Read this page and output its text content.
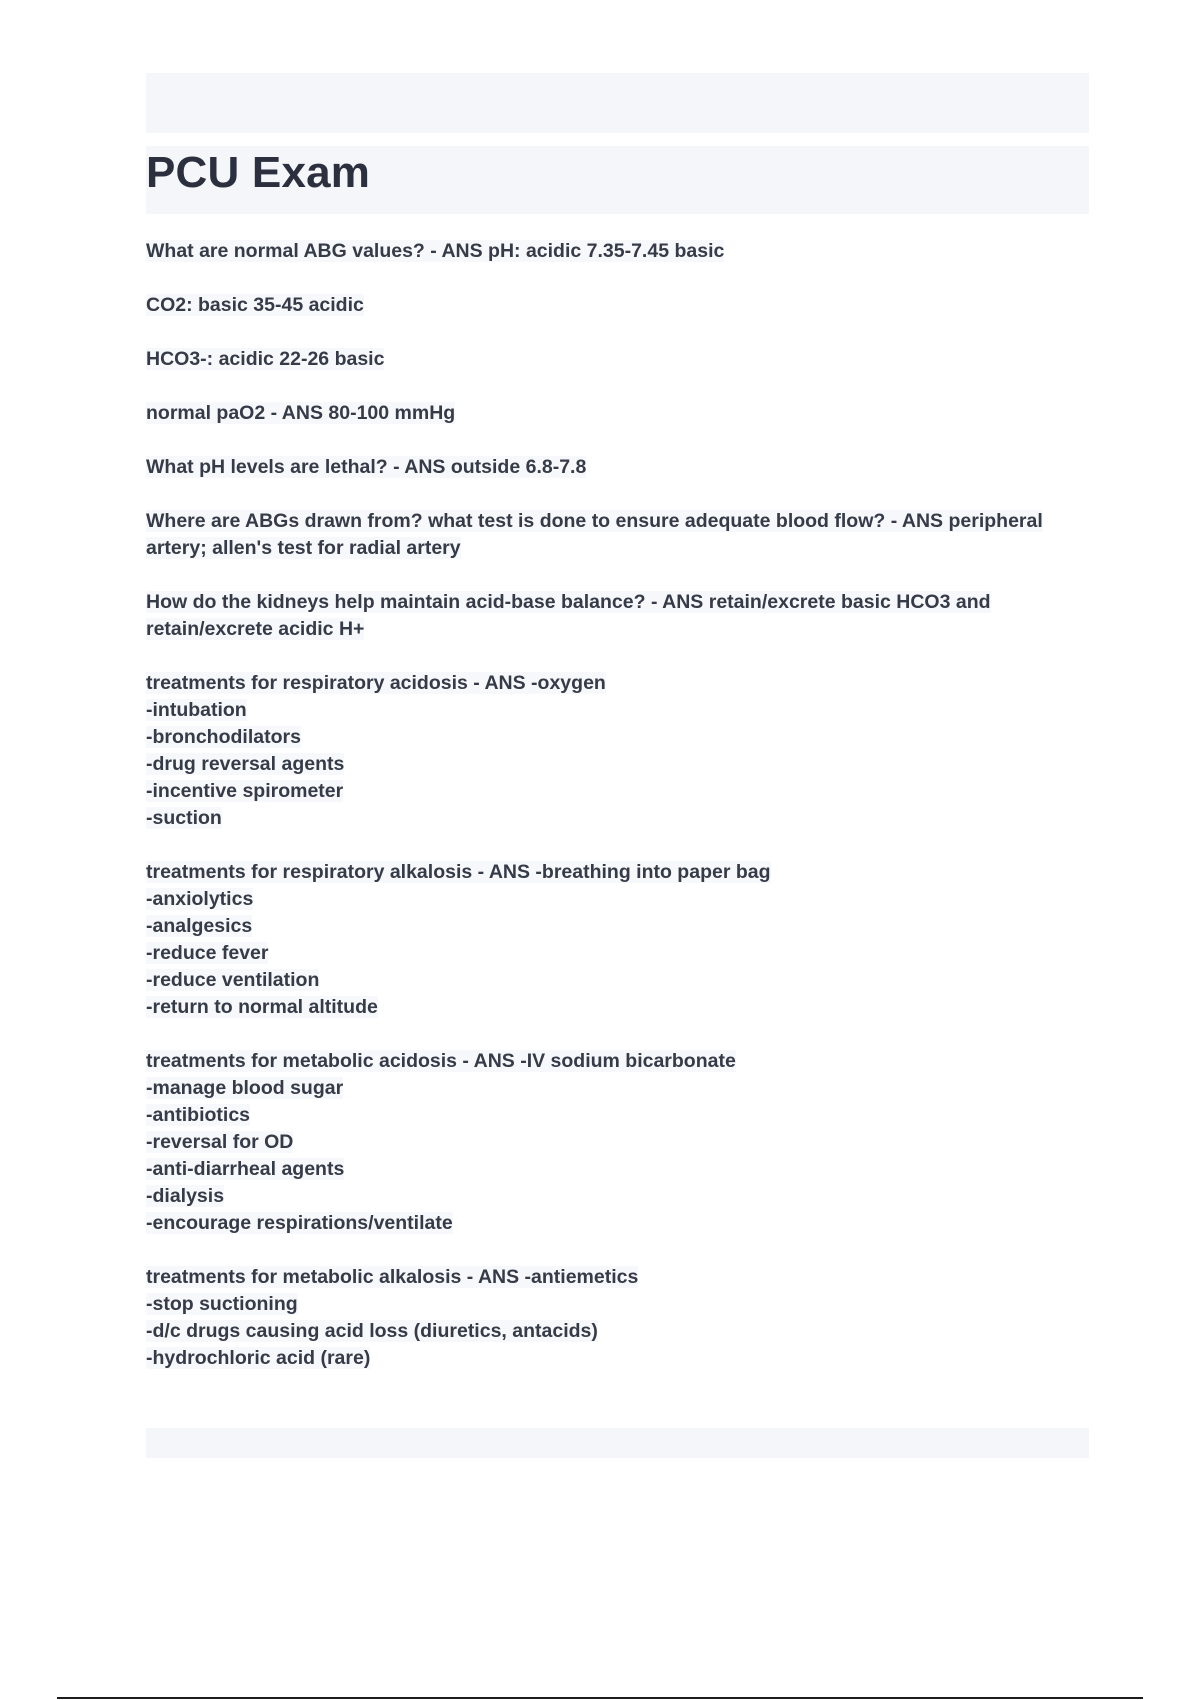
PCU Exam
What are normal ABG values? - ANS pH: acidic 7.35-7.45 basic
CO2: basic 35-45 acidic
HCO3-: acidic 22-26 basic
normal paO2 - ANS 80-100 mmHg
What pH levels are lethal? - ANS outside 6.8-7.8
Where are ABGs drawn from? what test is done to ensure adequate blood flow? - ANS peripheral
artery; allen's test for radial artery
How do the kidneys help maintain acid-base balance? - ANS retain/excrete basic HCO3 and
retain/excrete acidic H+
treatments for respiratory acidosis - ANS -oxygen
-intubation
-bronchodilators
-drug reversal agents
-incentive spirometer
-suction
treatments for respiratory alkalosis - ANS -breathing into paper bag
-anxiolytics
-analgesics
-reduce fever
-reduce ventilation
-return to normal altitude
treatments for metabolic acidosis - ANS -IV sodium bicarbonate
-manage blood sugar
-antibiotics
-reversal for OD
-anti-diarrheal agents
-dialysis
-encourage respirations/ventilate
treatments for metabolic alkalosis - ANS -antiemetics
-stop suctioning
-d/c drugs causing acid loss (diuretics, antacids)
-hydrochloric acid (rare)
